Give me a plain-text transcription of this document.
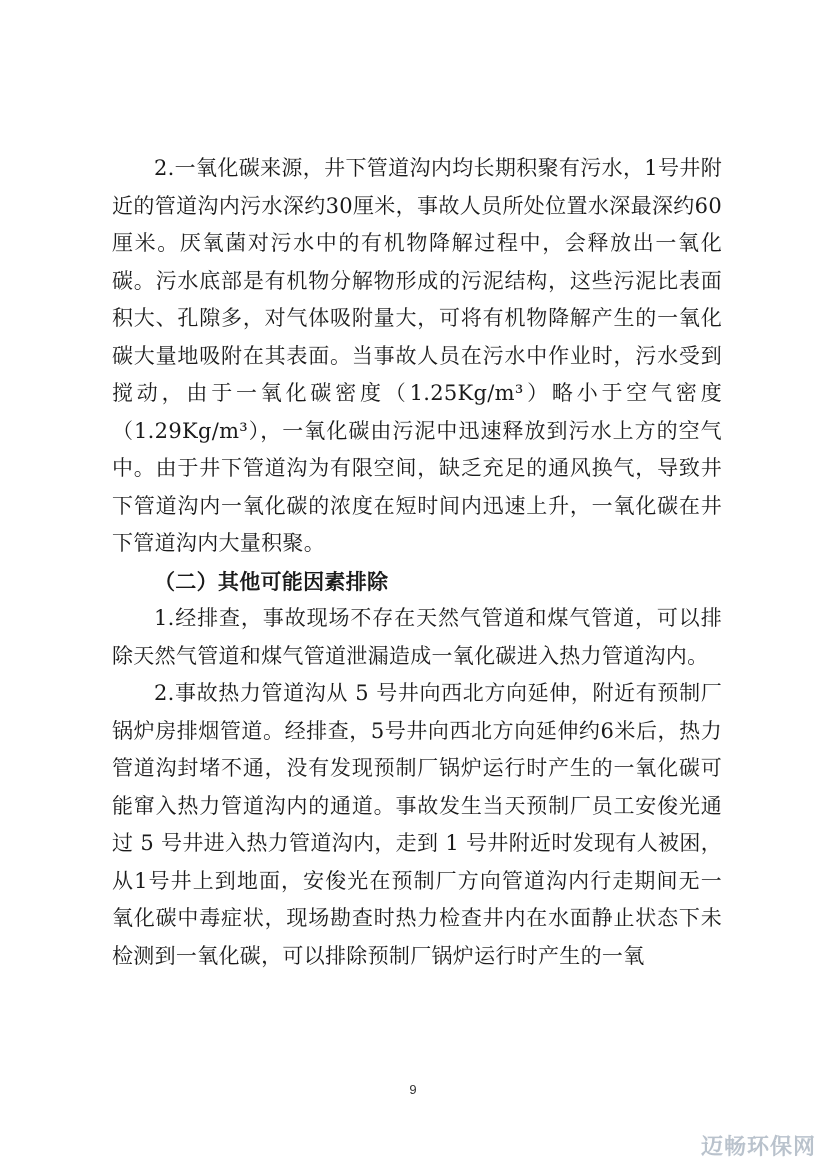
2.一氧化碳来源，井下管道沟内均长期积聚有污水，1号井附近的管道沟内污水深约30厘米，事故人员所处位置水深最深约60厘米。厌氧菌对污水中的有机物降解过程中，会释放出一氧化碳。污水底部是有机物分解物形成的污泥结构，这些污泥比表面积大、孔隙多，对气体吸附量大，可将有机物降解产生的一氧化碳大量地吸附在其表面。当事故人员在污水中作业时，污水受到搅动，由于一氧化碳密度（1.25Kg/m³）略小于空气密度（1.29Kg/m³），一氧化碳由污泥中迅速释放到污水上方的空气中。由于井下管道沟为有限空间，缺乏充足的通风换气，导致井下管道沟内一氧化碳的浓度在短时间内迅速上升，一氧化碳在井下管道沟内大量积聚。

（二）其他可能因素排除

1.经排查，事故现场不存在天然气管道和煤气管道，可以排除天然气管道和煤气管道泄漏造成一氧化碳进入热力管道沟内。

2.事故热力管道沟从 5 号井向西北方向延伸，附近有预制厂锅炉房排烟管道。经排查，5号井向西北方向延伸约6米后，热力管道沟封堵不通，没有发现预制厂锅炉运行时产生的一氧化碳可能窜入热力管道沟内的通道。事故发生当天预制厂员工安俊光通过 5 号井进入热力管道沟内，走到 1 号井附近时发现有人被困，从1号井上到地面，安俊光在预制厂方向管道沟内行走期间无一氧化碳中毒症状，现场勘查时热力检查井内在水面静止状态下未检测到一氧化碳，可以排除预制厂锅炉运行时产生的一氧

9
迈畅环保网
